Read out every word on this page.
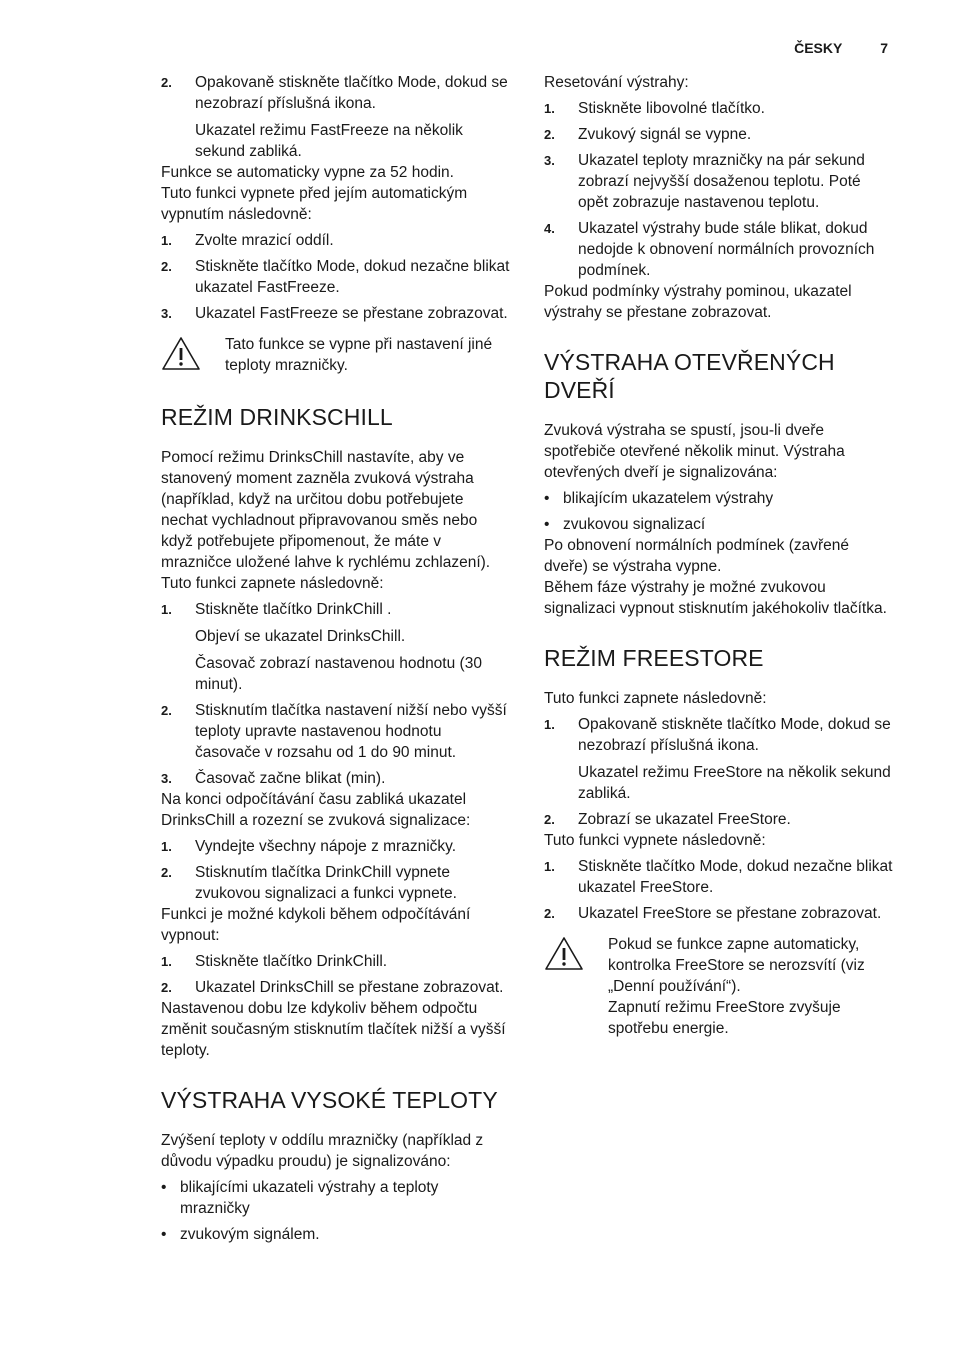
ČESKY	7
2.	Opakovaně stiskněte tlačítko Mode, dokud se nezobrazí příslušná ikona.

Ukazatel režimu FastFreeze na několik sekund zabliká.

Funkce se automaticky vypne za 52 hodin.

Tuto funkci vypnete před jejím automatickým vypnutím následovně:

1.	Zvolte mrazicí oddíl.
2.	Stiskněte tlačítko Mode, dokud nezačne blikat ukazatel FastFreeze.
3.	Ukazatel FastFreeze se přestane zobrazovat.
Tato funkce se vypne při nastavení jiné teploty mrazničky.
REŽIM DRINKSCHILL

Pomocí režimu DrinksChill nastavíte, aby ve stanovený moment zazněla zvuková výstraha (například, když na určitou dobu potřebujete nechat vychladnout připravovanou směs nebo když potřebujete připomenout, že máte v mrazničce uložené lahve k rychlému zchlazení).

Tuto funkci zapnete následovně:

1.	Stiskněte tlačítko DrinkChill .

Objeví se ukazatel DrinksChill.

Časovač zobrazí nastavenou hodnotu (30 minut).

2.	Stisknutím tlačítka nastavení nižší nebo vyšší teploty upravte nastavenou hodnotu časovače v rozsahu od 1 do 90 minut.
3.	Časovač začne blikat (min).

Na konci odpočítávání času zabliká ukazatel DrinksChill a rozezní se zvuková signalizace:

1.	Vyndejte všechny nápoje z mrazničky.
2.	Stisknutím tlačítka DrinkChill vypnete zvukovou signalizaci a funkci vypnete.

Funkci je možné kdykoli během odpočítávání vypnout:

1.	Stiskněte tlačítko DrinkChill.
2.	Ukazatel DrinksChill se přestane zobrazovat.

Nastavenou dobu lze kdykoliv během odpočtu změnit současným stisknutím tlačítek nižší a vyšší teploty.

VÝSTRAHA VYSOKÉ TEPLOTY

Zvýšení teploty v oddílu mrazničky (například z důvodu výpadku proudu) je signalizováno:

• blikajícími ukazateli výstrahy a teploty mrazničky
• zvukovým signálem.

Resetování výstrahy:

1.	Stiskněte libovolné tlačítko.
2.	Zvukový signál se vypne.
3.	Ukazatel teploty mrazničky na pár sekund zobrazí nejvyšší dosaženou teplotu. Poté opět zobrazuje nastavenou teplotu.
4.	Ukazatel výstrahy bude stále blikat, dokud nedojde k obnovení normálních provozních podmínek.

Pokud podmínky výstrahy pominou, ukazatel výstrahy se přestane zobrazovat.

VÝSTRAHA OTEVŘENÝCH DVEŘÍ

Zvuková výstraha se spustí, jsou-li dveře spotřebiče otevřené několik minut. Výstraha otevřených dveří je signalizována:

• blikajícím ukazatelem výstrahy
• zvukovou signalizací

Po obnovení normálních podmínek (zavřené dveře) se výstraha vypne.

Během fáze výstrahy je možné zvukovou signalizaci vypnout stisknutím jakéhokoliv tlačítka.

REŽIM FREESTORE

Tuto funkci zapnete následovně:

1.	Opakovaně stiskněte tlačítko Mode, dokud se nezobrazí příslušná ikona.

Ukazatel režimu FreeStore na několik sekund zabliká.

2.	Zobrazí se ukazatel FreeStore.

Tuto funkci vypnete následovně:

1.	Stiskněte tlačítko Mode, dokud nezačne blikat ukazatel FreeStore.
2.	Ukazatel FreeStore se přestane zobrazovat.

Pokud se funkce zapne automaticky, kontrolka FreeStore se nerozsvítí (viz „Denní používání“).

Zapnutí režimu FreeStore zvyšuje spotřebu energie.
